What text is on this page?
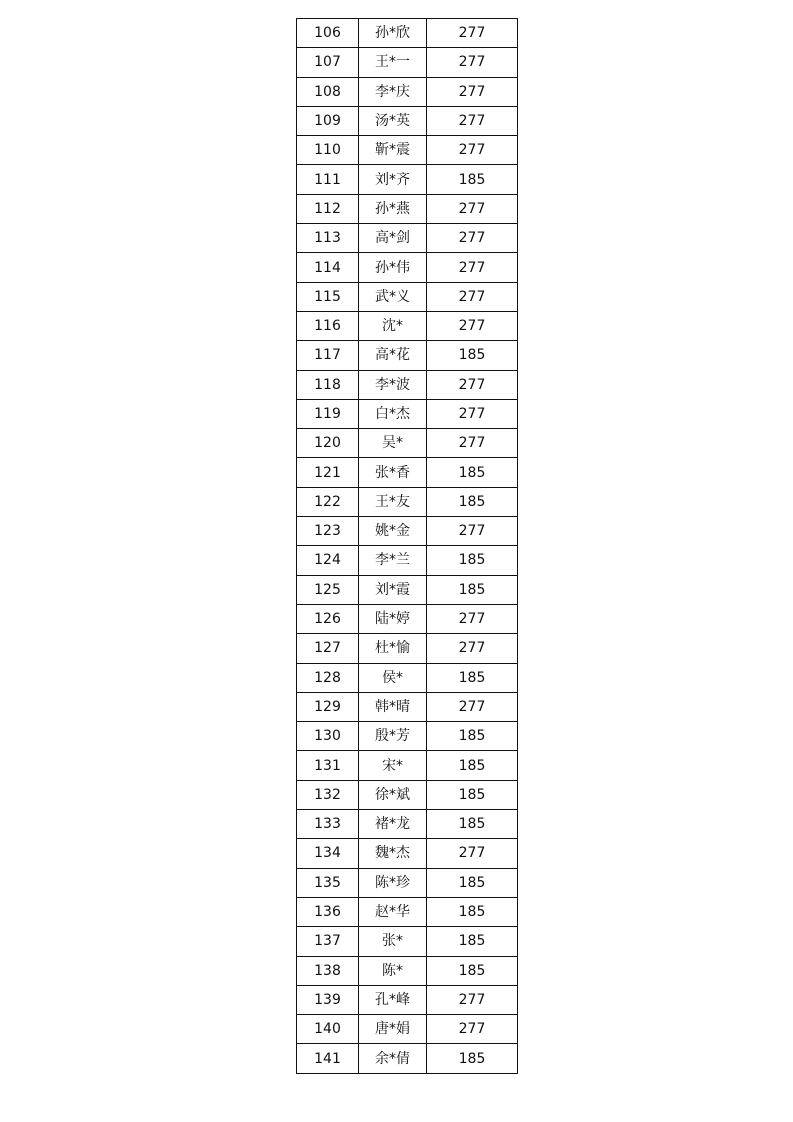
106	孙*欣	277
107	王*一	277
108	李*庆	277
109	汤*英	277
110	靳*震	277
111	刘*齐	185
112	孙*燕	277
113	高*剑	277
114	孙*伟	277
115	武*义	277
116	沈*	277
117	高*花	185
118	李*波	277
119	白*杰	277
120	吴*	277
121	张*香	185
122	王*友	185
123	姚*金	277
124	李*兰	185
125	刘*霞	185
126	陆*婷	277
127	杜*愉	277
128	侯*	185
129	韩*晴	277
130	殷*芳	185
131	宋*	185
132	徐*斌	185
133	褚*龙	185
134	魏*杰	277
135	陈*珍	185
136	赵*华	185
137	张*	185
138	陈*	185
139	孔*峰	277
140	唐*娟	277
141	余*倩	185
